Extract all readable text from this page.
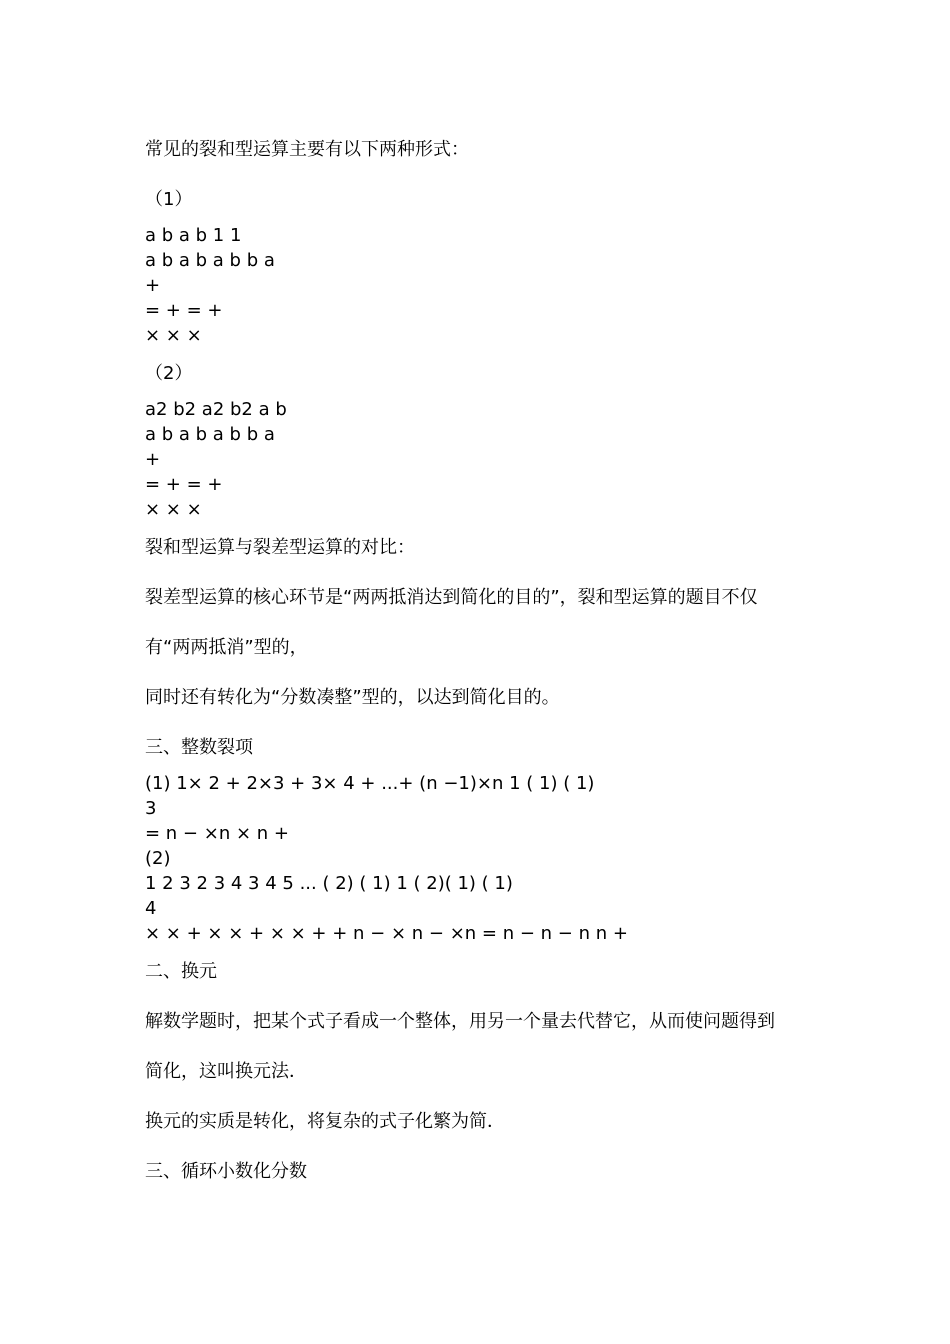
常见的裂和型运算主要有以下两种形式：
（1）
a b a b 1 1
a b a b a b b a
+
= + = +
× × ×
（2）
a2 b2 a2 b2 a b
a b a b a b b a
+
= + = +
× × ×
裂和型运算与裂差型运算的对比：
裂差型运算的核心环节是“两两抵消达到简化的目的”，裂和型运算的题目不仅
有“两两抵消”型的，
同时还有转化为“分数凑整”型的，以达到简化目的。
三、整数裂项
(1) 1× 2 + 2×3 + 3× 4 + ...+ (n −1)×n 1 ( 1) ( 1)
3
= n − ×n × n +
(2)
1 2 3 2 3 4 3 4 5 ... ( 2) ( 1) 1 ( 2)( 1) ( 1)
4
× × + × × + × × + + n − × n − ×n = n − n − n n +
二、换元
解数学题时，把某个式子看成一个整体，用另一个量去代替它，从而使问题得到
简化，这叫换元法．
换元的实质是转化，将复杂的式子化繁为简．
三、循环小数化分数
